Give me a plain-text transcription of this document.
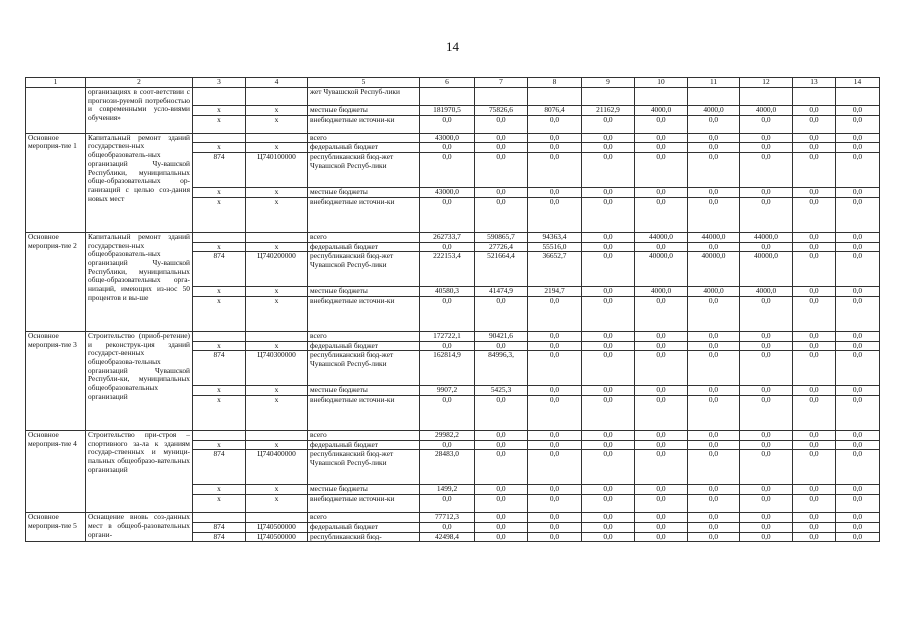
14
1	2	3	4	5	6	7	8	9	10	11	12	13	14
	организациях в соот-ветствии с прогнози-руемой потребностью и современными усло-виями обучения»			жет Чувашской Респуб-лики									
		x	x	местные бюджеты	181970,5	75826,6	8076,4	21162,9	4000,0	4000,0	4000,0	0,0	0,0
		x	x	внебюджетные источни-ки	0,0	0,0	0,0	0,0	0,0	0,0	0,0	0,0	0,0
Основное мероприя-тие 1	Капитальный ремонт зданий государствен-ных общеобразователь-ных организаций Чу-вашской Республики, муниципальных обще-образовательных ор-ганизаций с целью соз-дания новых мест			всего	43000,0	0,0	0,0	0,0	0,0	0,0	0,0	0,0	0,0
		x	x	федеральный бюджет	0,0	0,0	0,0	0,0	0,0	0,0	0,0	0,0	0,0
		874	Ц740100000	республиканский бюд-жет Чувашской Респуб-лики	0,0	0,0	0,0	0,0	0,0	0,0	0,0	0,0	0,0
		x	x	местные бюджеты	43000,0	0,0	0,0	0,0	0,0	0,0	0,0	0,0	0,0
		x	x	внебюджетные источни-ки	0,0	0,0	0,0	0,0	0,0	0,0	0,0	0,0	0,0
Основное мероприя-тие 2	Капитальный ремонт зданий государствен-ных общеобразователь-ных организаций Чу-вашской Республики, муниципальных обще-образовательных орга-низаций, имеющих из-нос 50 процентов и вы-ше			всего	262733,7	590865,7	94363,4	0,0	44000,0	44000,0	44000,0	0,0	0,0
		x	x	федеральный бюджет	0,0	27726,4	55516,0	0,0	0,0	0,0	0,0	0,0	0,0
		874	Ц740200000	республиканский бюд-жет Чувашской Респуб-лики	222153,4	521664,4	36652,7	0,0	40000,0	40000,0	40000,0	0,0	0,0
		x	x	местные бюджеты	40580,3	41474,9	2194,7	0,0	4000,0	4000,0	4000,0	0,0	0,0
		x	x	внебюджетные источни-ки	0,0	0,0	0,0	0,0	0,0	0,0	0,0	0,0	0,0
Основное мероприя-тие 3	Строительство (приоб-ретение) и реконструк-ция зданий государст-венных общеобразова-тельных организаций Чувашской Республи-ки, муниципальных общеобразовательных организаций			всего	172722,1	90421,6	0,0	0,0	0,0	0,0	0,0	0,0	0,0
		x	x	федеральный бюджет	0,0	0,0	0,0	0,0	0,0	0,0	0,0	0,0	0,0
		874	Ц740300000	республиканский бюд-жет Чувашской Респуб-лики	162814,9	84996,3,	0,0	0,0	0,0	0,0	0,0	0,0	0,0
		x	x	местные бюджеты	9907,2	5425,3	0,0	0,0	0,0	0,0	0,0	0,0	0,0
		x	x	внебюджетные источни-ки	0,0	0,0	0,0	0,0	0,0	0,0	0,0	0,0	0,0
Основное мероприя-тие 4	Строительство при-строя – спортивного за-ла к зданиям государ-ственных и муници-пальных общеобразо-вательных организаций			всего	29982,2	0,0	0,0	0,0	0,0	0,0	0,0	0,0	0,0
		x	x	федеральный бюджет	0,0	0,0	0,0	0,0	0,0	0,0	0,0	0,0	0,0
		874	Ц740400000	республиканский бюд-жет Чувашской Респуб-лики	28483,0	0,0	0,0	0,0	0,0	0,0	0,0	0,0	0,0
		x	x	местные бюджеты	1499,2	0,0	0,0	0,0	0,0	0,0	0,0	0,0	0,0
		x	x	внебюджетные источни-ки	0,0	0,0	0,0	0,0	0,0	0,0	0,0	0,0	0,0
Основное мероприя-тие 5	Оснащение вновь соз-данных мест в общеоб-разовательных органи-			всего	77712,3	0,0	0,0	0,0	0,0	0,0	0,0	0,0	0,0
		874	Ц740500000	федеральный бюджет	0,0	0,0	0,0	0,0	0,0	0,0	0,0	0,0	0,0
		874	Ц740500000	республиканский бюд-	42498,4	0,0	0,0	0,0	0,0	0,0	0,0	0,0	0,0
